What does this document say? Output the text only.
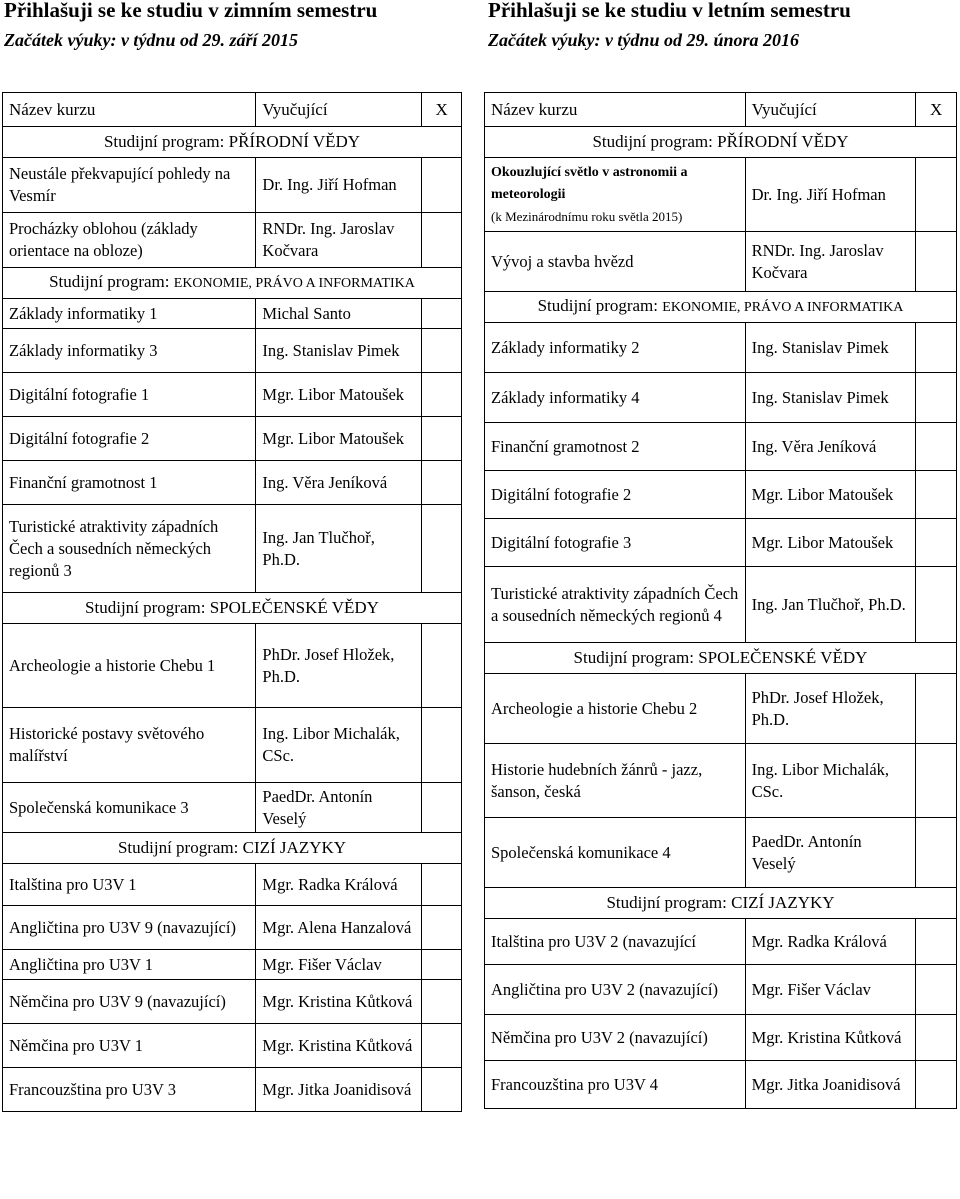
Přihlašuji se ke studiu v zimním semestru
Začátek výuky: v týdnu od 29. září 2015
Název kurzu	Vyučující	X
Studijní program: PŘÍRODNÍ VĚDY		

Neustále překvapující pohledy na Vesmír	Dr. Ing. Jiří Hofman	

Procházky oblohou (základy orientace na obloze)	RNDr. Ing. Jaroslav Kočvara	
Studijní program: EKONOMIE, PRÁVO A INFORMATIKA		

Základy informatiky 1	Michal Santo	

Základy informatiky 3	Ing. Stanislav Pimek	

Digitální fotografie 1	Mgr. Libor Matoušek	

Digitální fotografie 2	Mgr. Libor Matoušek	

Finanční gramotnost 1	Ing. Věra Jeníková	

Turistické atraktivity západních Čech a sousedních německých regionů 3	Ing. Jan Tlučhoř, Ph.D.	
Studijní program: SPOLEČENSKÉ VĚDY		

Archeologie a historie Chebu 1	PhDr. Josef Hložek, Ph.D.	

Historické postavy světového malířství	Ing. Libor Michalák, CSc.	

Společenská komunikace 3	PaedDr. Antonín Veselý	
Studijní program: CIZÍ JAZYKY		

Italština pro U3V 1	Mgr. Radka Králová	

Angličtina pro U3V 9 (navazující)	Mgr. Alena Hanzalová	

Angličtina pro U3V 1	Mgr. Fišer Václav	

Němčina pro U3V 9 (navazující)	Mgr. Kristina Kůtková	

Němčina pro U3V 1	Mgr. Kristina Kůtková	

Francouzština pro U3V 3	Mgr. Jitka Joanidisová	
Přihlašuji se ke studiu v letním semestru
Začátek výuky: v týdnu od 29. února 2016
Název kurzu	Vyučující	X
Studijní program: PŘÍRODNÍ VĚDY		

Okouzlující světlo v astronomii a meteorologii
(k Mezinárodnímu roku světla 2015)	Dr. Ing. Jiří Hofman	

Vývoj a stavba hvězd	RNDr. Ing. Jaroslav Kočvara	
Studijní program: EKONOMIE, PRÁVO A INFORMATIKA		

Základy informatiky 2	Ing. Stanislav Pimek	

Základy informatiky 4	Ing. Stanislav Pimek	

Finanční gramotnost 2	Ing. Věra Jeníková	

Digitální fotografie 2	Mgr. Libor Matoušek	

Digitální fotografie 3	Mgr. Libor Matoušek	

Turistické atraktivity západních Čech a sousedních německých regionů 4	Ing. Jan Tlučhoř, Ph.D.	
Studijní program: SPOLEČENSKÉ VĚDY		

Archeologie a historie Chebu 2	PhDr. Josef Hložek, Ph.D.	

Historie hudebních žánrů - jazz, šanson, česká	Ing. Libor Michalák, CSc.	

Společenská komunikace 4	PaedDr. Antonín Veselý	
Studijní program: CIZÍ JAZYKY		

Italština pro U3V 2 (navazující	Mgr. Radka Králová	

Angličtina pro U3V 2 (navazující)	Mgr. Fišer Václav	

Němčina pro U3V 2 (navazující)	Mgr. Kristina Kůtková	

Francouzština pro U3V 4	Mgr. Jitka Joanidisová	
